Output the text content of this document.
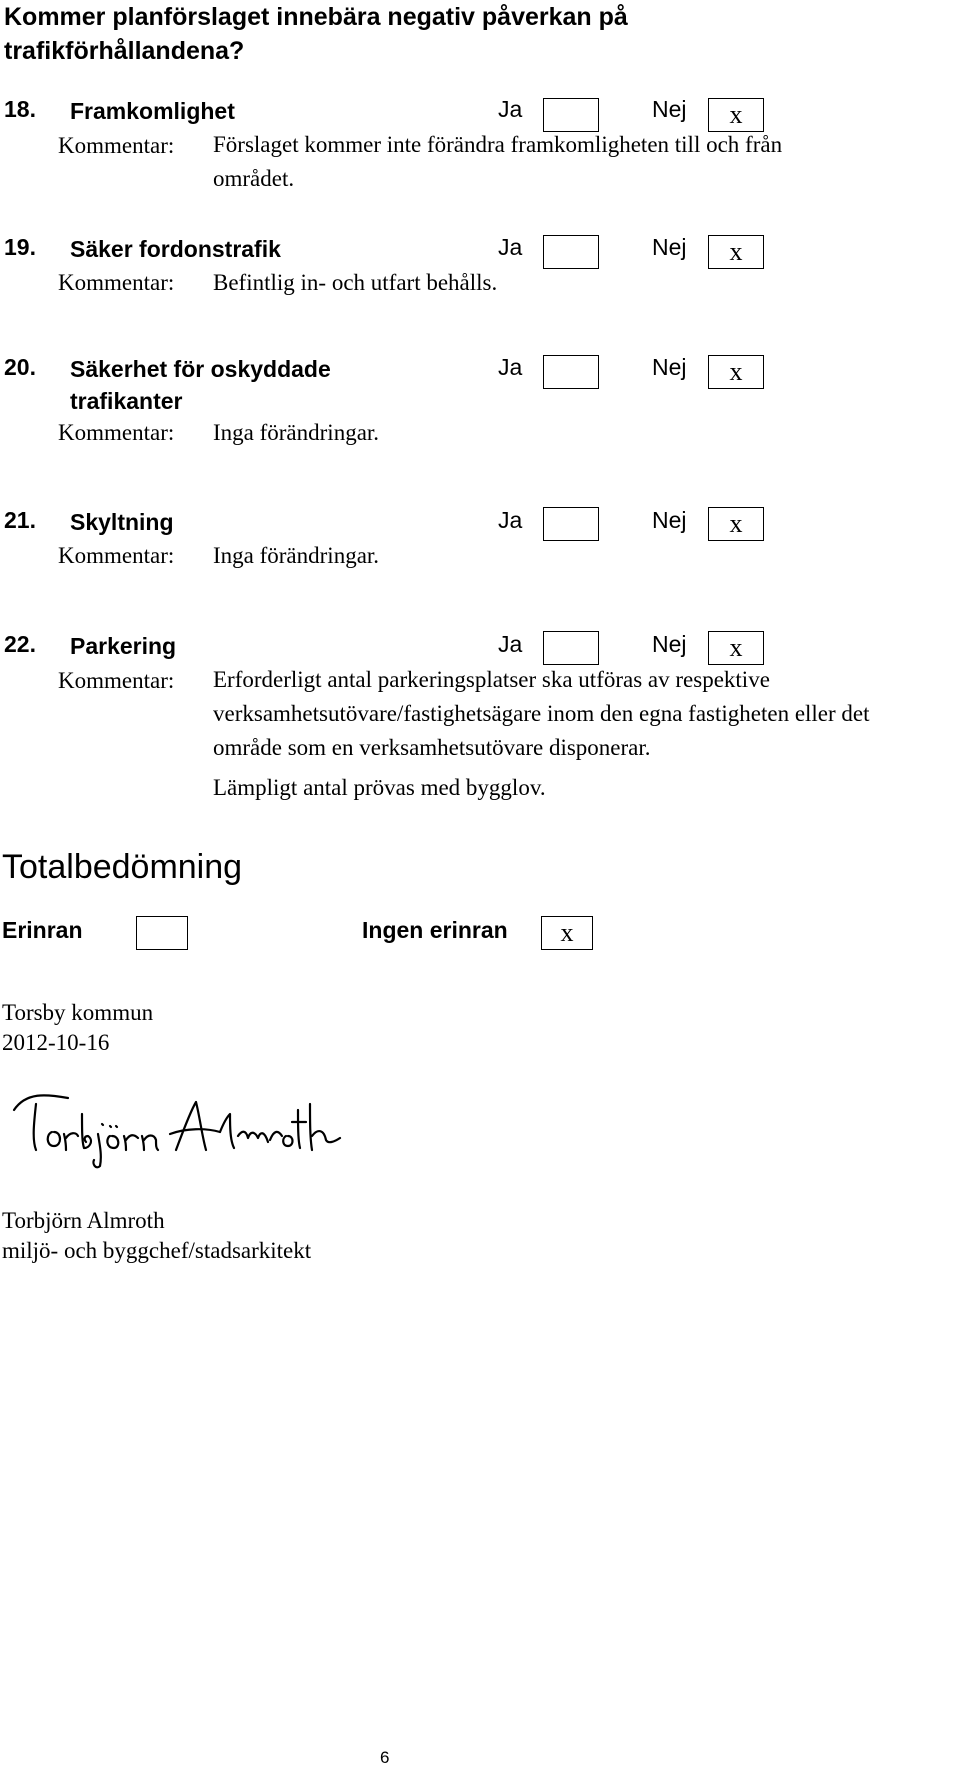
Kommer planförslaget innebära negativ påverkan på trafikförhållandena?
18. Framkomlighet	Ja	Nej	x
Kommentar: Förslaget kommer inte förändra framkomligheten till och från området.
19. Säker fordonstrafik	Ja	Nej	x
Kommentar: Befintlig in- och utfart behålls.
20. Säkerhet för oskyddade trafikanter
Ja	Nej	x
Kommentar: Inga förändringar.
21. Skyltning	Ja	Nej	x
Kommentar: Inga förändringar.
22. Parkering	Ja	Nej	x
Kommentar: Erforderligt antal parkeringsplatser ska utföras av respektive verksamhetsutövare/fastighetsägare inom den egna fastigheten eller det område som en verksamhetsutövare disponerar.
Lämpligt antal prövas med bygglov.
Totalbedömning
Erinran	Ingen erinran	x
Torsby kommun
2012-10-16
Torbjörn Almroth
miljö- och byggchef/stadsarkitekt
6
